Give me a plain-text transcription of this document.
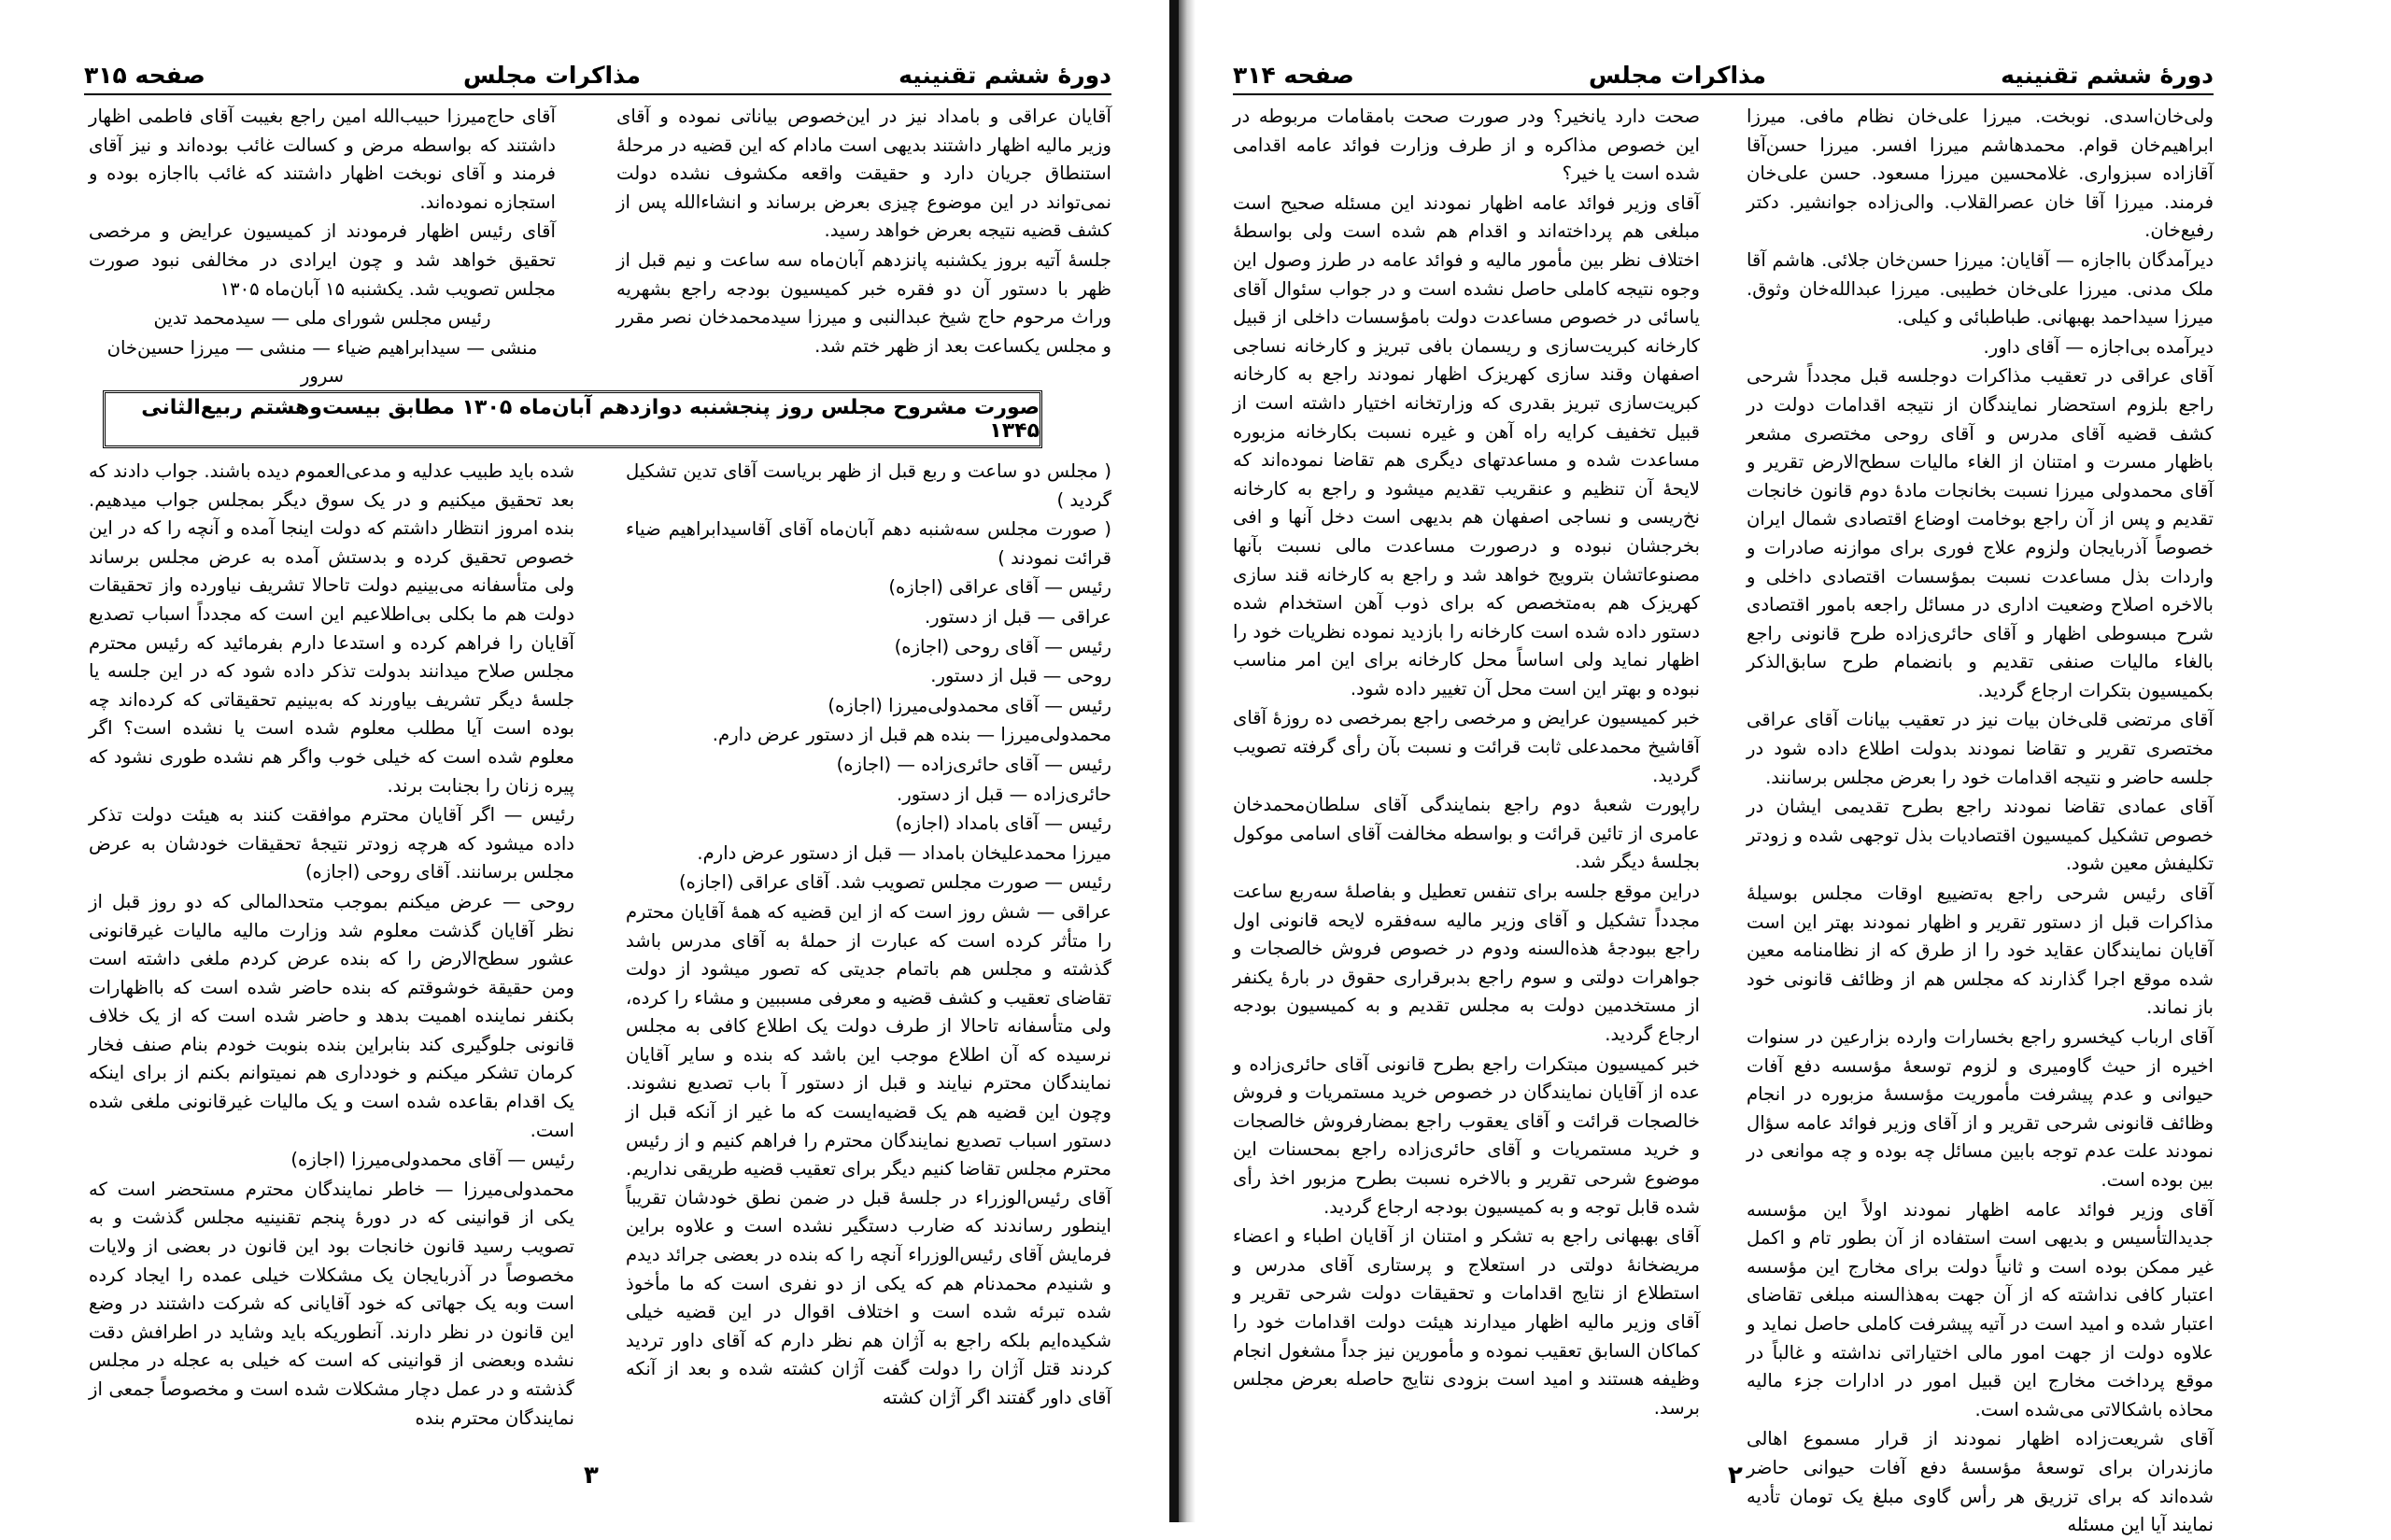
دورهٔ ششم تقنینیه
مذاکرات مجلس
صفحه ۳۱۵

آقایان عراقی و بامداد نیز در این‌خصوص بیاناتی نموده و آقای وزیر مالیه اظهار داشتند بدیهی است مادام که این قضیه در مرحلهٔ استنطاق جریان دارد و حقیقت واقعه مکشوف نشده دولت نمی‌تواند در این موضوع چیزی بعرض برساند و انشاءالله پس از کشف قضیه نتیجه بعرض خواهد رسید.

جلسهٔ آتیه بروز یکشنبه پانزدهم آبان‌ماه سه ساعت و نیم قبل از ظهر با دستور آن دو فقره خبر کمیسیون بودجه راجع بشهریه وراث مرحوم حاج شیخ عبدالنبی و میرزا سیدمحمدخان نصر مقرر و مجلس یکساعت بعد از ظهر ختم شد.

آقای حاج‌میرزا حبیب‌الله امین راجع بغیبت آقای فاطمی اظهار داشتند که بواسطه مرض و کسالت غائب بوده‌اند و نیز آقای فرمند و آقای نوبخت اظهار داشتند که غائب بااجازه بوده و استجازه نموده‌اند.

آقای رئیس اظهار فرمودند از کمیسیون عرایض و مرخصی تحقیق خواهد شد و چون ایرادی در مخالفی نبود صورت مجلس تصویب شد. یکشنبه ۱۵ آبان‌ماه ۱۳۰۵

رئیس مجلس شورای ملی — سیدمحمد تدین

منشی — سیدابراهیم ضیاء — منشی — میرزا حسین‌خان سرور

صورت مشروح مجلس روز پنجشنبه دوازدهم آبان‌ماه ۱۳۰۵ مطابق بیست‌وهشتم ربیع‌الثانی ۱۳۴۵

( مجلس دو ساعت و ربع قبل از ظهر بریاست آقای تدین تشکیل گردید )

( صورت مجلس سه‌شنبه دهم آبان‌ماه آقای آقاسیدابراهیم ضیاء قرائت نمودند )

رئیس — آقای عراقی (اجازه)

عراقی — قبل از دستور.

رئیس — آقای روحی (اجازه)

روحی — قبل از دستور.

رئیس — آقای محمدولی‌میرزا (اجازه)

محمدولی‌میرزا — بنده هم قبل از دستور عرض دارم.

رئیس — آقای حائری‌زاده — (اجازه)

حائری‌زاده — قبل از دستور.

رئیس — آقای بامداد (اجازه)

میرزا محمدعلیخان بامداد — قبل از دستور عرض دارم.

رئیس — صورت مجلس تصویب شد. آقای عراقی (اجازه)

عراقی — شش روز است که از این قضیه که همهٔ آقایان محترم را متأثر کرده است که عبارت از حملهٔ به آقای مدرس باشد گذشته و مجلس هم باتمام جدیتی که تصور میشود از دولت تقاضای تعقیب و کشف قضیه و معرفی مسببین و مشاء را کرده، ولی متأسفانه تاحالا از طرف دولت یک اطلاع کافی به مجلس نرسیده که آن اطلاع موجب این باشد که بنده و سایر آقایان نمایندگان محترم نیایند و قبل از دستور آ باب تصدیع نشوند. وچون این قضیه هم یک قضیه‌ایست که ما غیر از آنکه قبل از دستور اسباب تصدیع نمایندگان محترم را فراهم کنیم و از رئیس محترم مجلس تقاضا کنیم دیگر برای تعقیب قضیه طریقی نداریم. آقای رئیس‌الوزراء در جلسهٔ قبل در ضمن نطق خودشان تقریباً اینطور رساندند که ضارب دستگیر نشده است و علاوه براین فرمایش آقای رئیس‌الوزراء آنچه را که بنده در بعضی جرائد دیدم و شنیدم محمدنام هم که یکی از دو نفری است که ما مأخوذ شده تبرئه شده است و اختلاف اقوال در این قضیه خیلی شکیده‌ایم بلکه راجع به آژان هم نظر دارم که آقای داور تردید کردند قتل آژان را دولت گفت آژان کشته شده و بعد از آنکه آقای داور گفتند اگر آژان کشته

شده باید طبیب عدلیه و مدعی‌العموم دیده باشند. جواب دادند که بعد تحقیق میکنیم و در یک سوق دیگر بمجلس جواب میدهیم. بنده امروز انتظار داشتم که دولت اینجا آمده و آنچه را که در این خصوص تحقیق کرده و بدستش آمده به عرض مجلس برساند ولی متأسفانه می‌بینیم دولت تاحالا تشریف نیاورده واز تحقیقات دولت هم ما بکلی بی‌اطلاعیم این است که مجدداً اسباب تصدیع آقایان را فراهم کرده و استدعا دارم بفرمائید که رئیس محترم مجلس صلاح میدانند بدولت تذکر داده شود که در این جلسه یا جلسهٔ دیگر تشریف بیاورند که به‌بینیم تحقیقاتی که کرده‌اند چه بوده است آیا مطلب معلوم شده است یا نشده است؟ اگر معلوم شده است که خیلی خوب واگر هم نشده طوری نشود که پیره زنان را بجنابت برند.

رئیس — اگر آقایان محترم موافقت کنند به هیئت دولت تذکر داده میشود که هرچه زودتر نتیجهٔ تحقیقات خودشان به عرض مجلس برسانند. آقای روحی (اجازه)

روحی — عرض میکنم بموجب متحدالمالی که دو روز قبل از نظر آقایان گذشت معلوم شد وزارت مالیه مالیات غیرقانونی عشور سطح‌الارض را که بنده عرض کردم ملغی داشته است ومن حقیقة خوشوقتم که بنده حاضر شده است که بااظهارات بکنفر نماینده اهمیت بدهد و حاضر شده است که از یک خلاف قانونی جلوگیری کند بنابراین بنده بنوبت خودم بنام صنف فخار کرمان تشکر میکنم و خودداری هم نمیتوانم بکنم از برای اینکه یک اقدام بقاعده شده است و یک مالیات غیرقانونی ملغی شده است.

رئیس — آقای محمدولی‌میرزا (اجازه)

محمدولی‌میرزا — خاطر نمایندگان محترم مستحضر است که یکی از قوانینی که در دورهٔ پنجم تقنینیه مجلس گذشت و به تصویب رسید قانون خانجات بود این قانون در بعضی از ولایات مخصوصاً در آذربایجان یک مشکلات خیلی عمده را ایجاد کرده است وبه یک جهاتی که خود آقایانی که شرکت داشتند در وضع این قانون در نظر دارند. آنطوریکه باید وشاید در اطرافش دقت نشده وبعضی از قوانینی که است که خیلی به عجله در مجلس گذشته و در عمل دچار مشکلات شده است و مخصوصاً جمعی از نمایندگان محترم بنده

۳
دورهٔ ششم تقنینیه
مذاکرات مجلس
صفحه ۳۱۴

ولی‌خان‌اسدی. نوبخت. میرزا علی‌خان نظام مافی. میرزا ابراهیم‌خان قوام. محمدهاشم میرزا افسر. میرزا حسن‌آقا آقازاده سبزواری. غلامحسین میرزا مسعود. حسن علی‌خان فرمند. میرزا آقا خان عصرالقلاب. والی‌زاده جوانشیر. دکتر رفیع‌خان.

دیرآمدگان بااجازه — آقایان: میرزا حسن‌خان جلائی. هاشم آقا ملک مدنی. میرزا علی‌خان خطیبی. میرزا عبدالله‌خان وثوق. میرزا سیداحمد بهبهانی. طباطبائی و کیلی.

دیرآمده بی‌اجازه — آقای داور.

آقای عراقی در تعقیب مذاکرات دوجلسه قبل مجدداً شرحی راجع بلزوم استحضار نمایندگان از نتیجه اقدامات دولت در کشف قضیه آقای مدرس و آقای روحی مختصری مشعر باظهار مسرت و امتنان از الغاء مالیات سطح‌الارض تقریر و آقای محمدولی میرزا نسبت بخانجات مادهٔ دوم قانون خانجات تقدیم و پس از آن راجع بوخامت اوضاع اقتصادی شمال ایران خصوصاً آذربایجان ولزوم علاج فوری برای موازنه صادرات و واردات بذل مساعدت نسبت بمؤسسات اقتصادی داخلی و بالاخره اصلاح وضعیت اداری در مسائل راجعه بامور اقتصادی شرح مبسوطی اظهار و آقای حائری‌زاده طرح قانونی راجع بالغاء مالیات صنفی تقدیم و بانضمام طرح سابق‌الذکر بکمیسیون بتکرات ارجاع گردید.

آقای مرتضی قلی‌خان بیات نیز در تعقیب بیانات آقای عراقی مختصری تقریر و تقاضا نمودند بدولت اطلاع داده شود در جلسه حاضر و نتیجه اقدامات خود را بعرض مجلس برسانند.

آقای عمادی تقاضا نمودند راجع بطرح تقدیمی ایشان در خصوص تشکیل کمیسیون اقتصادیات بذل توجهی شده و زودتر تکلیفش معین شود.

آقای رئیس شرحی راجع به‌تضییع اوقات مجلس بوسیلهٔ مذاکرات قبل از دستور تقریر و اظهار نمودند بهتر این است آقایان نمایندگان عقاید خود را از طرق که از نظامنامه معین شده موقع اجرا گذارند که مجلس هم از وظائف قانونی خود باز نماند.

آقای ارباب کیخسرو راجع بخسارات وارده بزارعین در سنوات اخیره از حیث گاومیری و لزوم توسعهٔ مؤسسه دفع آفات حیوانی و عدم پیشرفت مأموریت مؤسسهٔ مزبوره در انجام وظائف قانونی شرحی تقریر و از آقای وزیر فوائد عامه سؤال نمودند علت عدم توجه بابین مسائل چه بوده و چه موانعی در بین بوده است.

آقای وزیر فوائد عامه اظهار نمودند اولاً این مؤسسه جدیدالتأسیس و بدیهی است استفاده از آن بطور تام و اکمل غیر ممکن بوده است و ثانیاً دولت برای مخارج این مؤسسه اعتبار کافی نداشته که از آن جهت به‌هذالسنه مبلغی تقاضای اعتبار شده و امید است در آتیه پیشرفت کاملی حاصل نماید و علاوه دولت از جهت امور مالی اختیاراتی نداشته و غالباً در موقع پرداخت مخارج این قبیل امور در ادارات جزء مالیه محاذه باشکالاتی می‌شده است.

آقای شریعت‌زاده اظهار نمودند از قرار مسموع اهالی مازندران برای توسعهٔ مؤسسهٔ دفع آفات حیوانی حاضر شده‌اند که برای تزریق هر رأس گاوی مبلغ یک تومان تأدیه نمایند آیا این مسئله

صحت دارد یانخیر؟ ودر صورت صحت بامقامات مربوطه در این خصوص مذاکره و از طرف وزارت فوائد عامه اقدامی شده است یا خیر؟

آقای وزیر فوائد عامه اظهار نمودند این مسئله صحیح است مبلغی هم پرداخته‌اند و اقدام هم شده است ولی بواسطهٔ اختلاف نظر بین مأمور مالیه و فوائد عامه در طرز وصول این وجوه نتیجه کاملی حاصل نشده است و در جواب سئوال آقای یاسائی در خصوص مساعدت دولت بامؤسسات داخلی از قبیل کارخانه کبریت‌سازی و ریسمان بافی تبریز و کارخانه نساجی اصفهان وقند سازی کهریزک اظهار نمودند راجع به کارخانه کبریت‌سازی تبریز بقدری که وزارتخانه اختیار داشته است از قبیل تخفیف کرایه راه آهن و غیره نسبت بکارخانه مزبوره مساعدت شده و مساعدتهای دیگری هم تقاضا نموده‌اند که لایحهٔ آن تنظیم و عنقریب تقدیم میشود و راجع به کارخانه نخ‌ریسی و نساجی اصفهان هم بدیهی است دخل آنها و افی بخرجشان نبوده و درصورت مساعدت مالی نسبت بآنها مصنوعاتشان بترویج خواهد شد و راجع به کارخانه قند سازی کهریزک هم به‌متخصص که برای ذوب آهن استخدام شده دستور داده شده است کارخانه را بازدید نموده نظریات خود را اظهار نماید ولی اساساً محل کارخانه برای این امر مناسب نبوده و بهتر این است محل آن تغییر داده شود.

خبر کمیسیون عرایض و مرخصی راجع بمرخصی ده روزهٔ آقای آقاشیخ محمدعلی ثابت قرائت و نسبت بآن رأی گرفته تصویب گردید.

راپورت شعبهٔ دوم راجع بنمایندگی آقای سلطان‌محمدخان عامری از تائین قرائت و بواسطه مخالفت آقای اسامی موکول بجلسهٔ دیگر شد.

دراین موقع جلسه برای تنفس تعطیل و بفاصلهٔ سه‌ربع ساعت مجدداً تشکیل و آقای وزیر مالیه سه‌فقره لایحه قانونی اول راجع ببودجهٔ هذه‌السنه ودوم در خصوص فروش خالصجات و جواهرات دولتی و سوم راجع بدبرقراری حقوق در بارهٔ یکنفر از مستخدمین دولت به مجلس تقدیم و به کمیسیون بودجه ارجاع گردید.

خبر کمیسیون مبتکرات راجع بطرح قانونی آقای حائری‌زاده و عده از آقایان نمایندگان در خصوص خرید مستمریات و فروش خالصجات قرائت و آقای یعقوب راجع بمضارفروش خالصجات و خرید مستمریات و آقای حائری‌زاده راجع بمحسنات این موضوع شرحی تقریر و بالاخره نسبت بطرح مزبور اخذ رأی شده قابل توجه و به کمیسیون بودجه ارجاع گردید.

آقای بهبهانی راجع به تشکر و امتنان از آقایان اطباء و اعضاء مریضخانهٔ دولتی در استعلاج و پرستاری آقای مدرس و استطلاع از نتایج اقدامات و تحقیقات دولت شرحی تقریر و آقای وزیر مالیه اظهار میدارند هیئت دولت اقدامات خود را کماکان السابق تعقیب نموده و مأمورین نیز جداً مشغول انجام وظیفه هستند و امید است بزودی نتایج حاصله بعرض مجلس برسد.

۲
